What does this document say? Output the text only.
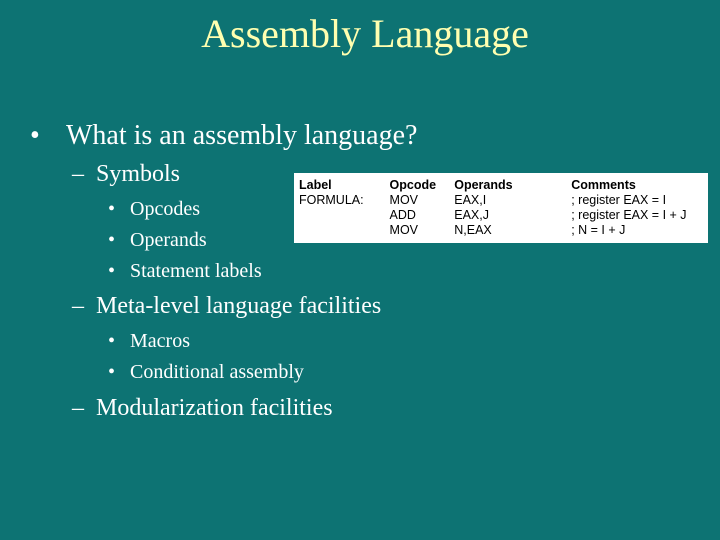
Assembly Language
• What is an assembly language?
– Symbols
• Opcodes
• Operands
• Statement labels
– Meta-level language facilities
• Macros
• Conditional assembly
– Modularization facilities
Label	Opcode	Operands	Comments
FORMULA:	MOV	EAX,I	; register EAX = I
	ADD	EAX,J	; register EAX = I + J
	MOV	N,EAX	; N = I + J
